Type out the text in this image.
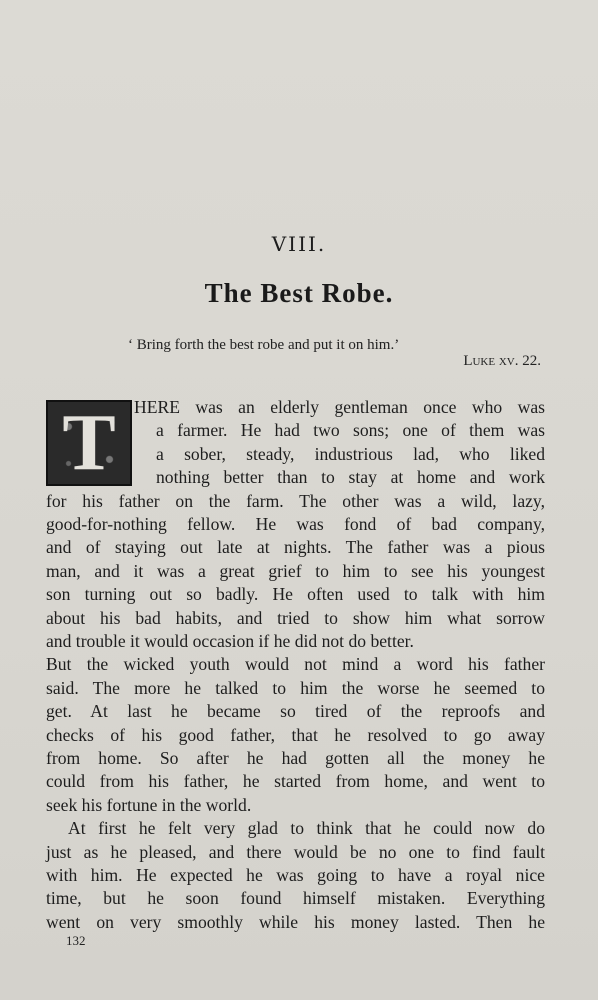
VIII.
The Best Robe.
‘ Bring forth the best robe and put it on him.’
Luke xv. 22.
T HERE was an elderly gentleman once who was
a farmer. He had two sons; one of them was
a sober, steady, industrious lad, who liked
nothing better than to stay at home and work
for his father on the farm. The other was a wild, lazy,
good-for-nothing fellow. He was fond of bad company,
and of staying out late at nights. The father was a pious
man, and it was a great grief to him to see his youngest
son turning out so badly. He often used to talk with him
about his bad habits, and tried to show him what sorrow
and trouble it would occasion if he did not do better.
But the wicked youth would not mind a word his father
said. The more he talked to him the worse he seemed to
get. At last he became so tired of the reproofs and
checks of his good father, that he resolved to go away
from home. So after he had gotten all the money he
could from his father, he started from home, and went to
seek his fortune in the world.
At first he felt very glad to think that he could now do
just as he pleased, and there would be no one to find fault
with him. He expected he was going to have a royal nice
time, but he soon found himself mistaken. Everything
went on very smoothly while his money lasted. Then he
132
